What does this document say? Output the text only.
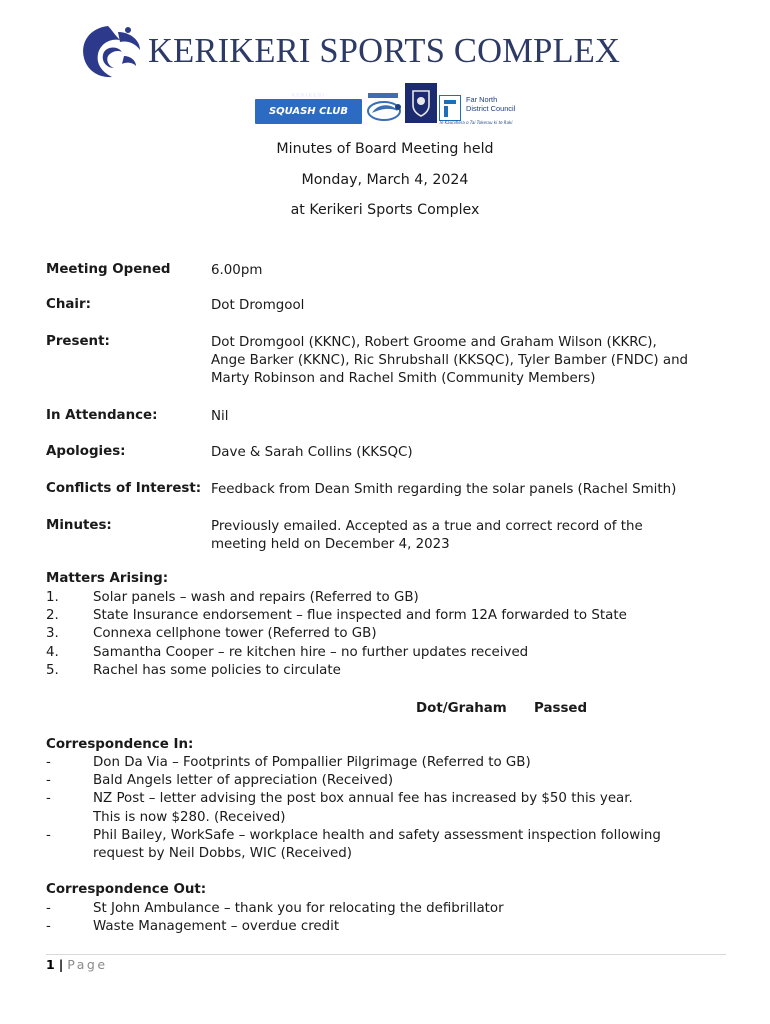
KERIKERI SPORTS COMPLEX
KERIKERI
SQUASH CLUB
Far North
District Council
Te Kaunihera o Tai Tokerau ki te Raki
Minutes of Board Meeting held
Monday, March 4, 2024
at Kerikeri Sports Complex
Meeting Opened	6.00pm
Chair:	Dot Dromgool
Present:	Dot Dromgool (KKNC), Robert Groome and Graham Wilson (KKRC),
Ange Barker (KKNC), Ric Shrubshall (KKSQC), Tyler Bamber (FNDC) and
Marty Robinson and Rachel Smith (Community Members)
In Attendance:	Nil
Apologies:	Dave & Sarah Collins (KKSQC)
Conflicts of Interest: Feedback from Dean Smith regarding the solar panels (Rachel Smith)
Minutes:	Previously emailed. Accepted as a true and correct record of the
meeting held on December 4, 2023
Matters Arising:
1.	Solar panels – wash and repairs (Referred to GB)
2.	State Insurance endorsement – flue inspected and form 12A forwarded to State
3.	Connexa cellphone tower (Referred to GB)
4.	Samantha Cooper – re kitchen hire – no further updates received
5.	Rachel has some policies to circulate
Dot/Graham Passed
Correspondence In:
-	Don Da Via – Footprints of Pompallier Pilgrimage (Referred to GB)
-	Bald Angels letter of appreciation (Received)
-	NZ Post – letter advising the post box annual fee has increased by $50 this year.
This is now $280. (Received)
-	Phil Bailey, WorkSafe – workplace health and safety assessment inspection following
request by Neil Dobbs, WIC (Received)
Correspondence Out:
-	St John Ambulance – thank you for relocating the defibrillator
-	Waste Management – overdue credit
1 | Page
